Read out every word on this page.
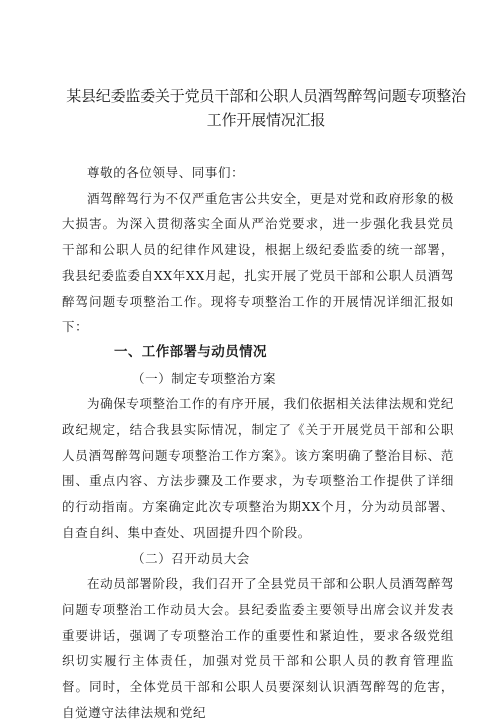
某县纪委监委关于党员干部和公职人员酒驾醉驾问题专项整治
工作开展情况汇报

尊敬的各位领导、同事们：

酒驾醉驾行为不仅严重危害公共安全，更是对党和政府形象的极大损害。为深入贯彻落实全面从严治党要求，进一步强化我县党员干部和公职人员的纪律作风建设，根据上级纪委监委的统一部署，我县纪委监委自XX年XX月起，扎实开展了党员干部和公职人员酒驾醉驾问题专项整治工作。现将专项整治工作的开展情况详细汇报如下：

一、工作部署与动员情况

（一）制定专项整治方案

为确保专项整治工作的有序开展，我们依据相关法律法规和党纪政纪规定，结合我县实际情况，制定了《关于开展党员干部和公职人员酒驾醉驾问题专项整治工作方案》。该方案明确了整治目标、范围、重点内容、方法步骤及工作要求，为专项整治工作提供了详细的行动指南。方案确定此次专项整治为期XX个月，分为动员部署、自查自纠、集中查处、巩固提升四个阶段。

（二）召开动员大会

在动员部署阶段，我们召开了全县党员干部和公职人员酒驾醉驾问题专项整治工作动员大会。县纪委监委主要领导出席会议并发表重要讲话，强调了专项整治工作的重要性和紧迫性，要求各级党组织切实履行主体责任，加强对党员干部和公职人员的教育管理监督。同时，全体党员干部和公职人员要深刻认识酒驾醉驾的危害，自觉遵守法律法规和党纪
